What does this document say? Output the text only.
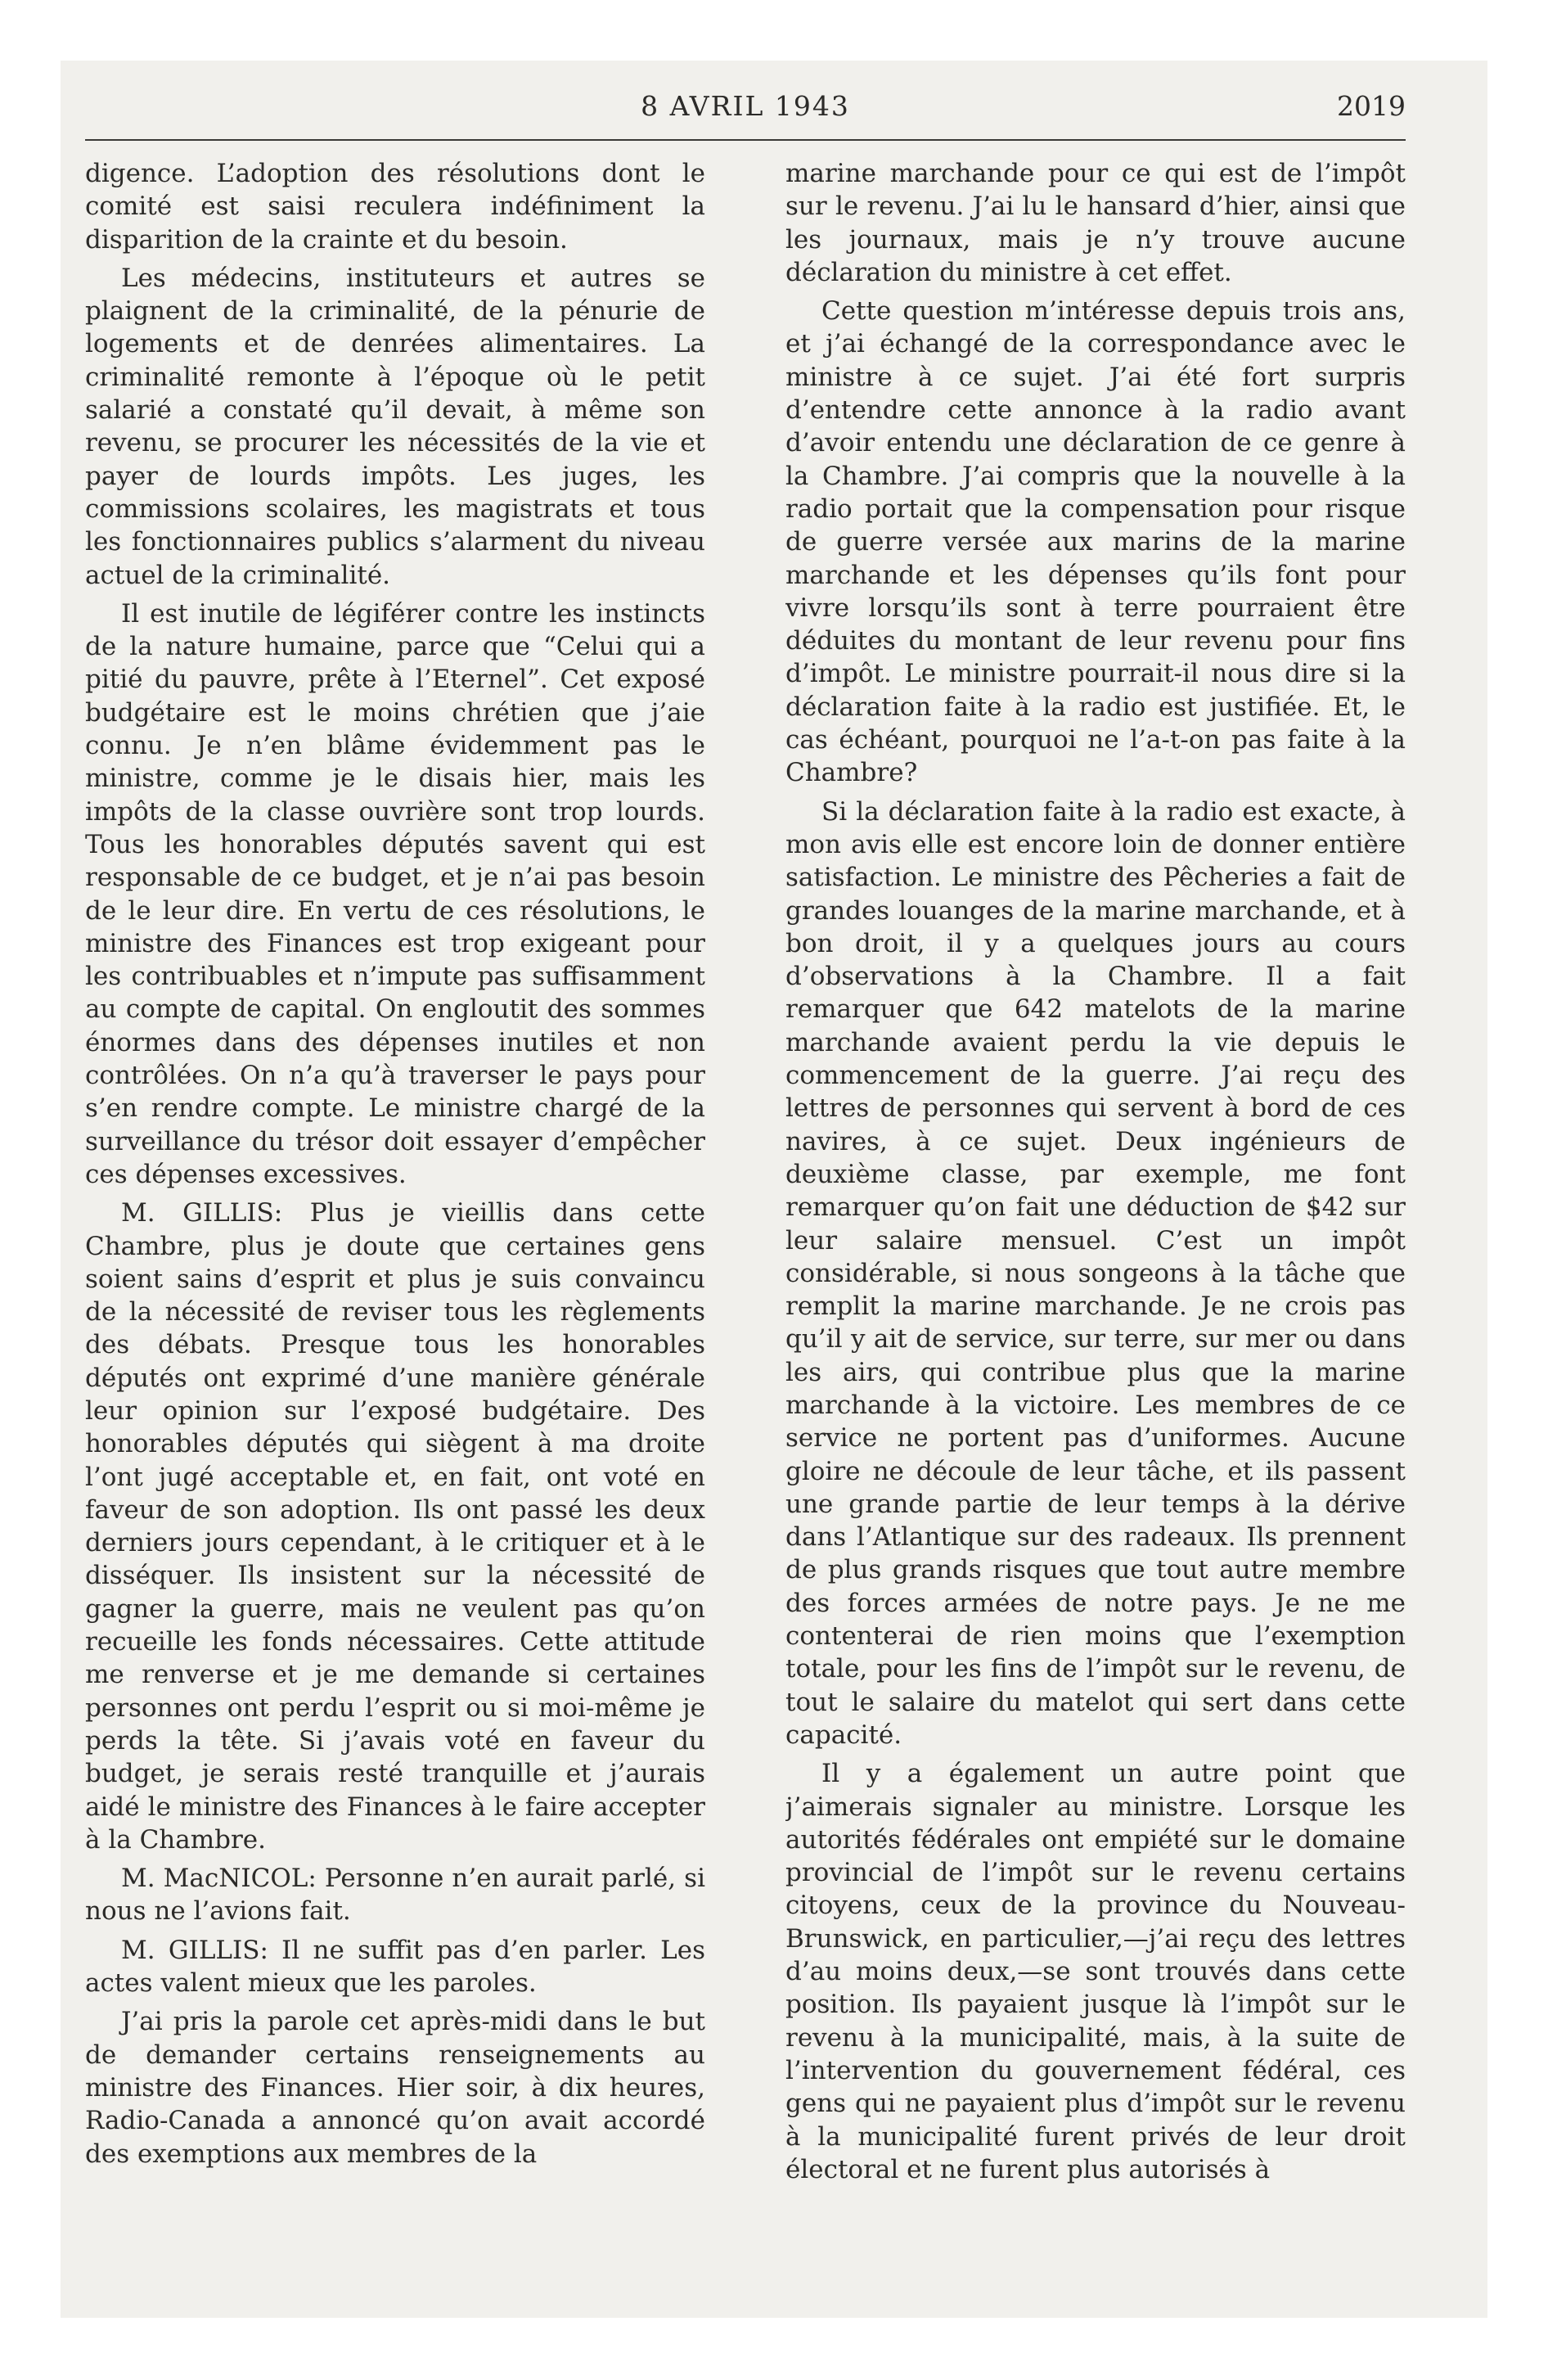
8 AVRIL 1943	2019

digence. L’adoption des résolutions dont le comité est saisi reculera indéfiniment la disparition de la crainte et du besoin.

Les médecins, instituteurs et autres se plaignent de la criminalité, de la pénurie de logements et de denrées alimentaires. La criminalité remonte à l’époque où le petit salarié a constaté qu’il devait, à même son revenu, se procurer les nécessités de la vie et payer de lourds impôts. Les juges, les commissions scolaires, les magistrats et tous les fonctionnaires publics s’alarment du niveau actuel de la criminalité.

Il est inutile de légiférer contre les instincts de la nature humaine, parce que “Celui qui a pitié du pauvre, prête à l’Eternel”. Cet exposé budgétaire est le moins chrétien que j’aie connu. Je n’en blâme évidemment pas le ministre, comme je le disais hier, mais les impôts de la classe ouvrière sont trop lourds. Tous les honorables députés savent qui est responsable de ce budget, et je n’ai pas besoin de le leur dire. En vertu de ces résolutions, le ministre des Finances est trop exigeant pour les contribuables et n’impute pas suffisamment au compte de capital. On engloutit des sommes énormes dans des dépenses inutiles et non contrôlées. On n’a qu’à traverser le pays pour s’en rendre compte. Le ministre chargé de la surveillance du trésor doit essayer d’empêcher ces dépenses excessives.

M. GILLIS: Plus je vieillis dans cette Chambre, plus je doute que certaines gens soient sains d’esprit et plus je suis convaincu de la nécessité de reviser tous les règlements des débats. Presque tous les honorables députés ont exprimé d’une manière générale leur opinion sur l’exposé budgétaire. Des honorables députés qui siègent à ma droite l’ont jugé acceptable et, en fait, ont voté en faveur de son adoption. Ils ont passé les deux derniers jours cependant, à le critiquer et à le disséquer. Ils insistent sur la nécessité de gagner la guerre, mais ne veulent pas qu’on recueille les fonds nécessaires. Cette attitude me renverse et je me demande si certaines personnes ont perdu l’esprit ou si moi-même je perds la tête. Si j’avais voté en faveur du budget, je serais resté tranquille et j’aurais aidé le ministre des Finances à le faire accepter à la Chambre.

M. MacNICOL: Personne n’en aurait parlé, si nous ne l’avions fait.

M. GILLIS: Il ne suffit pas d’en parler. Les actes valent mieux que les paroles.

J’ai pris la parole cet après-midi dans le but de demander certains renseignements au ministre des Finances. Hier soir, à dix heures, Radio-Canada a annoncé qu’on avait accordé des exemptions aux membres de la

marine marchande pour ce qui est de l’impôt sur le revenu. J’ai lu le hansard d’hier, ainsi que les journaux, mais je n’y trouve aucune déclaration du ministre à cet effet.

Cette question m’intéresse depuis trois ans, et j’ai échangé de la correspondance avec le ministre à ce sujet. J’ai été fort surpris d’entendre cette annonce à la radio avant d’avoir entendu une déclaration de ce genre à la Chambre. J’ai compris que la nouvelle à la radio portait que la compensation pour risque de guerre versée aux marins de la marine marchande et les dépenses qu’ils font pour vivre lorsqu’ils sont à terre pourraient être déduites du montant de leur revenu pour fins d’impôt. Le ministre pourrait-il nous dire si la déclaration faite à la radio est justifiée. Et, le cas échéant, pourquoi ne l’a-t-on pas faite à la Chambre?

Si la déclaration faite à la radio est exacte, à mon avis elle est encore loin de donner entière satisfaction. Le ministre des Pêcheries a fait de grandes louanges de la marine marchande, et à bon droit, il y a quelques jours au cours d’observations à la Chambre. Il a fait remarquer que 642 matelots de la marine marchande avaient perdu la vie depuis le commencement de la guerre. J’ai reçu des lettres de personnes qui servent à bord de ces navires, à ce sujet. Deux ingénieurs de deuxième classe, par exemple, me font remarquer qu’on fait une déduction de $42 sur leur salaire mensuel. C’est un impôt considérable, si nous songeons à la tâche que remplit la marine marchande. Je ne crois pas qu’il y ait de service, sur terre, sur mer ou dans les airs, qui contribue plus que la marine marchande à la victoire. Les membres de ce service ne portent pas d’uniformes. Aucune gloire ne découle de leur tâche, et ils passent une grande partie de leur temps à la dérive dans l’Atlantique sur des radeaux. Ils prennent de plus grands risques que tout autre membre des forces armées de notre pays. Je ne me contenterai de rien moins que l’exemption totale, pour les fins de l’impôt sur le revenu, de tout le salaire du matelot qui sert dans cette capacité.

Il y a également un autre point que j’aimerais signaler au ministre. Lorsque les autorités fédérales ont empiété sur le domaine provincial de l’impôt sur le revenu certains citoyens, ceux de la province du Nouveau-Brunswick, en particulier,—j’ai reçu des lettres d’au moins deux,—se sont trouvés dans cette position. Ils payaient jusque là l’impôt sur le revenu à la municipalité, mais, à la suite de l’intervention du gouvernement fédéral, ces gens qui ne payaient plus d’impôt sur le revenu à la municipalité furent privés de leur droit électoral et ne furent plus autorisés à
